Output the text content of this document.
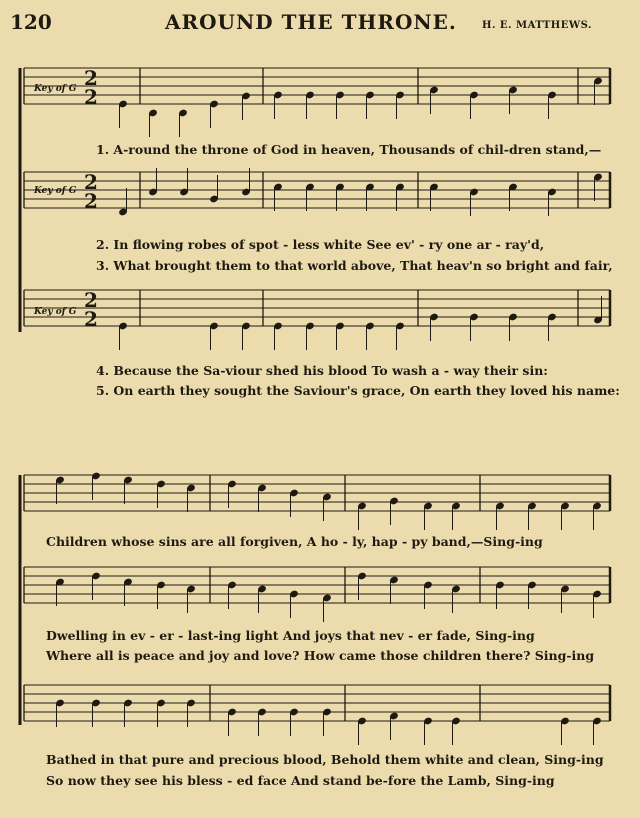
120	AROUND THE THRONE.	H. E. MATTHEWS.
2
2
2
2
2
2
Key of G
Key of G
Key of G
1. A-round the throne of God in heaven, Thousands of chil-dren stand,—
2. In flowing robes of spot - less white See ev' - ry one ar - ray'd,
3. What brought them to that world above, That heav'n so bright and fair,
4. Because the Sa-viour shed his blood To wash a - way their sin:
5. On earth they sought the Saviour's grace, On earth they loved his name:
Children whose sins are all forgiven, A ho - ly, hap - py band,—Sing-ing
Dwelling in ev - er - last-ing light And joys that nev - er fade, Sing-ing
Where all is peace and joy and love? How came those children there? Sing-ing
Bathed in that pure and precious blood, Behold them white and clean, Sing-ing
So now they see his bless - ed face And stand be-fore the Lamb, Sing-ing
